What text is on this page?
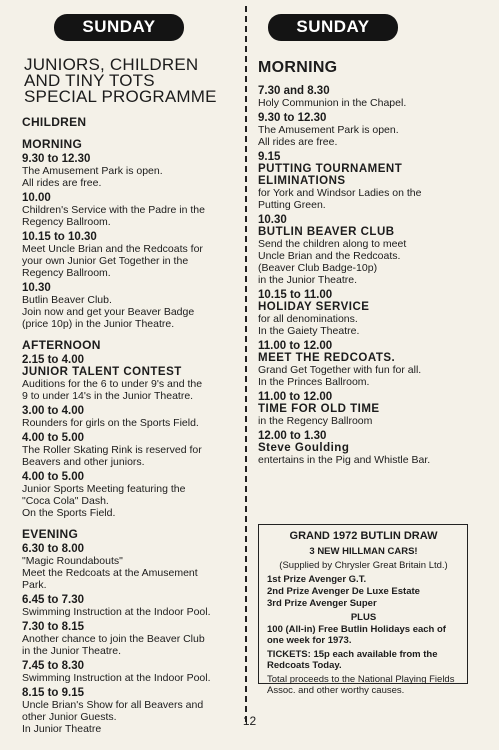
SUNDAY
JUNIORS, CHILDREN
AND TINY TOTS
SPECIAL PROGRAMME
CHILDREN
MORNING
9.30 to 12.30
The Amusement Park is open.
All rides are free.
10.00
Children's Service with the Padre in the
Regency Ballroom.
10.15 to 10.30
Meet Uncle Brian and the Redcoats for
your own Junior Get Together in the
Regency Ballroom.
10.30
Butlin Beaver Club.
Join now and get your Beaver Badge
(price 10p) in the Junior Theatre.
AFTERNOON
2.15 to 4.00
JUNIOR TALENT CONTEST
Auditions for the 6 to under 9's and the
9 to under 14's in the Junior Theatre.
3.00 to 4.00
Rounders for girls on the Sports Field.
4.00 to 5.00
The Roller Skating Rink is reserved for
Beavers and other juniors.
4.00 to 5.00
Junior Sports Meeting featuring the
"Coca Cola" Dash.
On the Sports Field.
EVENING
6.30 to 8.00
"Magic Roundabouts"
Meet the Redcoats at the Amusement
Park.
6.45 to 7.30
Swimming Instruction at the Indoor Pool.
7.30 to 8.15
Another chance to join the Beaver Club
in the Junior Theatre.
7.45 to 8.30
Swimming Instruction at the Indoor Pool.
8.15 to 9.15
Uncle Brian's Show for all Beavers and
other Junior Guests.
In Junior Theatre
SUNDAY
MORNING
7.30 and 8.30
Holy Communion in the Chapel.
9.30 to 12.30
The Amusement Park is open.
All rides are free.
9.15
PUTTING TOURNAMENT ELIMINATIONS
for York and Windsor Ladies on the
Putting Green.
10.30
BUTLIN BEAVER CLUB
Send the children along to meet
Uncle Brian and the Redcoats.
(Beaver Club Badge-10p)
in the Junior Theatre.
10.15 to 11.00
HOLIDAY SERVICE
for all denominations.
In the Gaiety Theatre.
11.00 to 12.00
MEET THE REDCOATS.
Grand Get Together with fun for all.
In the Princes Ballroom.
11.00 to 12.00
TIME FOR OLD TIME
in the Regency Ballroom
12.00 to 1.30
Steve Goulding
entertains in the Pig and Whistle Bar.
GRAND 1972 BUTLIN DRAW

3 NEW HILLMAN CARS!

(Supplied by Chrysler Great Britain Ltd.)

1st Prize Avenger G.T.

2nd Prize Avenger De Luxe Estate

3rd Prize Avenger Super

PLUS

100 (All-in) Free Butlin Holidays each of one week for 1973.

TICKETS: 15p each available from the Redcoats Today.

Total proceeds to the National Playing Fields Assoc. and other worthy causes.

12
